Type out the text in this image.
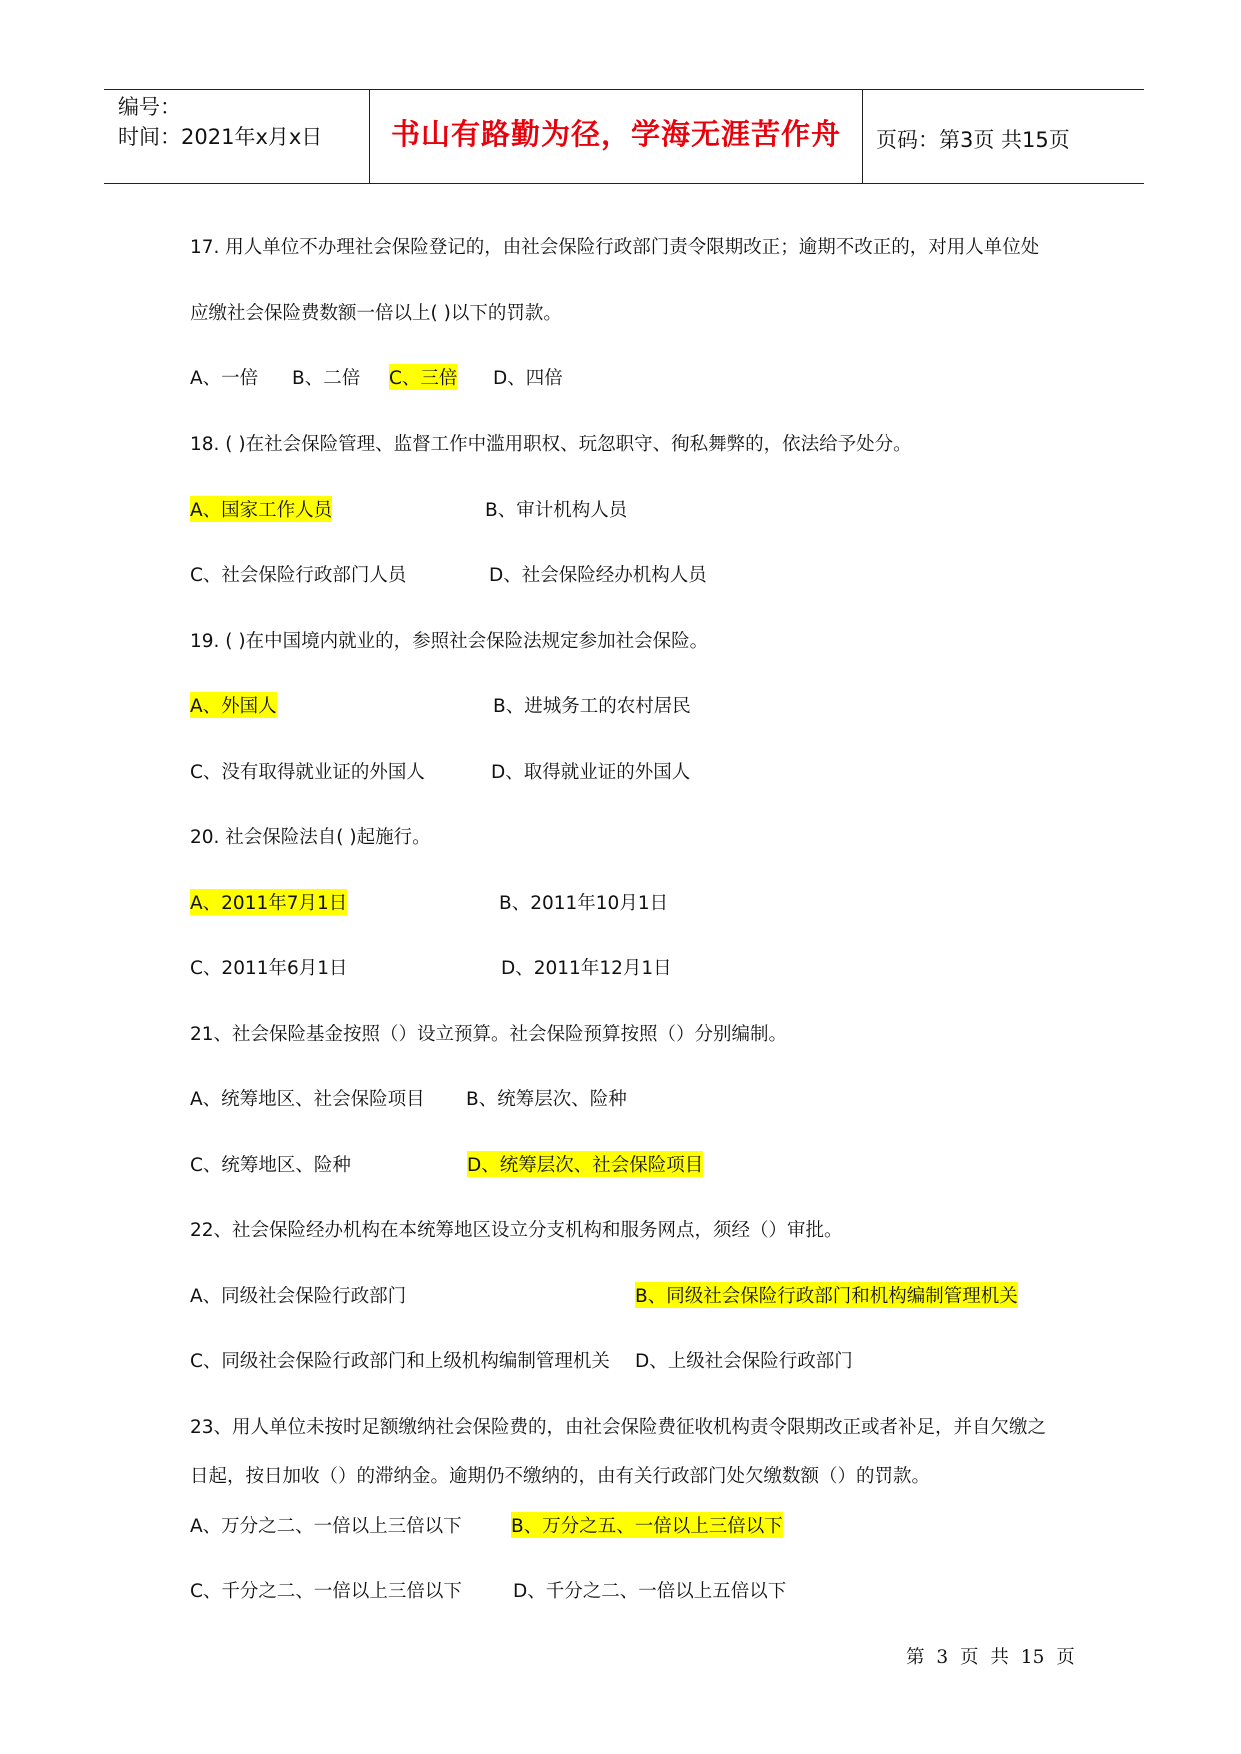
编号：
时间：2021年x月x日	书山有路勤为径，学海无涯苦作舟	页码：第3页 共15页
17. 用人单位不办理社会保险登记的，由社会保险行政部门责令限期改正；逾期不改正的，对用人单位处
应缴社会保险费数额一倍以上( )以下的罚款。
A、一倍 B、二倍 C、三倍 D、四倍
18. ( )在社会保险管理、监督工作中滥用职权、玩忽职守、徇私舞弊的，依法给予处分。
A、国家工作人员	B、审计机构人员
C、社会保险行政部门人员	D、社会保险经办机构人员
19. ( )在中国境内就业的，参照社会保险法规定参加社会保险。
A、外国人	B、进城务工的农村居民
C、没有取得就业证的外国人	D、取得就业证的外国人
20. 社会保险法自( )起施行。
A、2011年7月1日	B、2011年10月1日
C、2011年6月1日	D、2011年12月1日
21、社会保险基金按照（）设立预算。社会保险预算按照（）分别编制。
A、统筹地区、社会保险项目 B、统筹层次、险种
C、统筹地区、险种	D、统筹层次、社会保险项目
22、社会保险经办机构在本统筹地区设立分支机构和服务网点，须经（）审批。
A、同级社会保险行政部门	B、同级社会保险行政部门和机构编制管理机关
C、同级社会保险行政部门和上级机构编制管理机关 D、上级社会保险行政部门
23、用人单位未按时足额缴纳社会保险费的，由社会保险费征收机构责令限期改正或者补足，并自欠缴之
日起，按日加收（）的滞纳金。逾期仍不缴纳的，由有关行政部门处欠缴数额（）的罚款。
A、万分之二、一倍以上三倍以下	B、万分之五、一倍以上三倍以下
C、千分之二、一倍以上三倍以下	D、千分之二、一倍以上五倍以下
第 3 页 共 15 页
